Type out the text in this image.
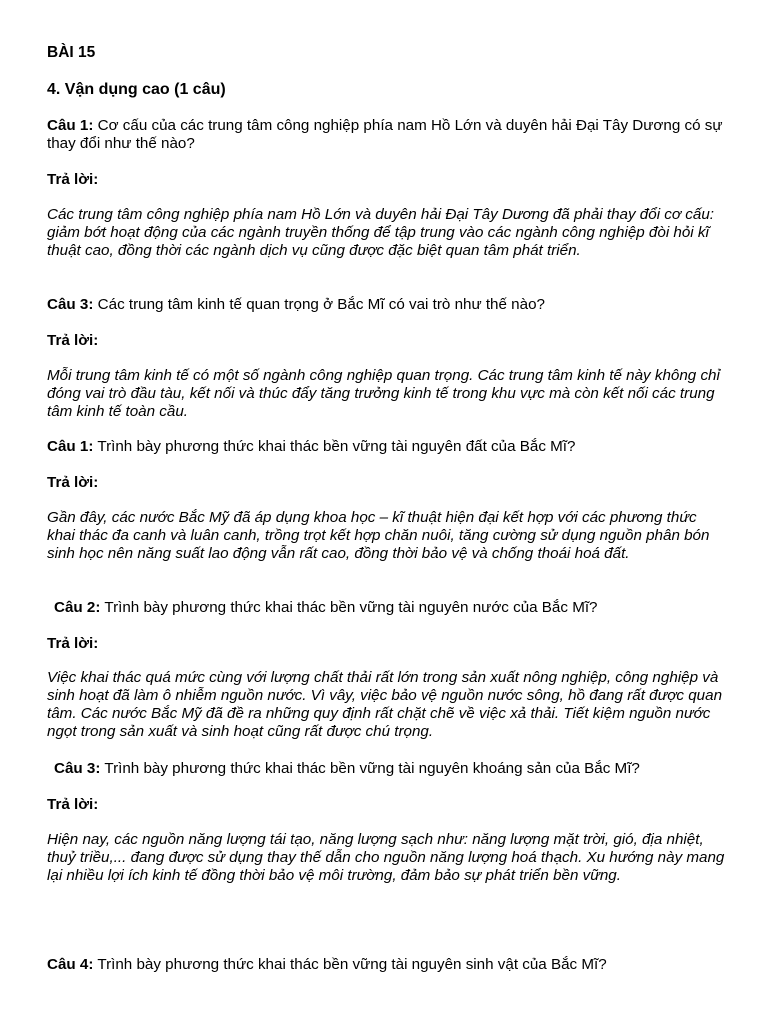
BÀI 15

4. Vận dụng cao (1 câu)

Câu 1: Cơ cấu của các trung tâm công nghiệp phía nam Hồ Lớn và duyên hải Đại Tây Dương có sự thay đổi như thế nào?

Trả lời:

Các trung tâm công nghiệp phía nam Hồ Lớn và duyên hải Đại Tây Dương đã phải thay đổi cơ cấu: giảm bớt hoạt động của các ngành truyền thống để tập trung vào các ngành công nghiệp đòi hỏi kĩ thuật cao, đồng thời các ngành dịch vụ cũng được đặc biệt quan tâm phát triển.

Câu 3: Các trung tâm kinh tế quan trọng ở Bắc Mĩ có vai trò như thế nào?

Trả lời:

Mỗi trung tâm kinh tế có một số ngành công nghiệp quan trọng. Các trung tâm kinh tế này không chỉ đóng vai trò đầu tàu, kết nối và thúc đẩy tăng trưởng kinh tế trong khu vực mà còn kết nối các trung tâm kinh tế toàn cầu.

Câu 1: Trình bày phương thức khai thác bền vững tài nguyên đất của Bắc Mĩ?

Trả lời:

Gần đây, các nước Bắc Mỹ đã áp dụng khoa học – kĩ thuật hiện đại kết hợp với các phương thức khai thác đa canh và luân canh, trồng trọt kết hợp chăn nuôi, tăng cường sử dụng nguồn phân bón sinh học nên năng suất lao động vẫn rất cao, đồng thời bảo vệ và chống thoái hoá đất.

Câu 2: Trình bày phương thức khai thác bền vững tài nguyên nước của Bắc Mĩ?

Trả lời:

Việc khai thác quá mức cùng với lượng chất thải rất lớn trong sản xuất nông nghiệp, công nghiệp và sinh hoạt đã làm ô nhiễm nguồn nước. Vì vây, việc bảo vệ nguồn nước sông, hồ đang rất được quan tâm. Các nước Bắc Mỹ đã đề ra những quy định rất chặt chẽ về việc xả thải. Tiết kiệm nguồn nước ngọt trong sản xuất và sinh hoạt cũng rất được chú trọng.

Câu 3: Trình bày phương thức khai thác bền vững tài nguyên khoáng sản của Bắc Mĩ?

Trả lời:

Hiện nay, các nguồn năng lượng tái tạo, năng lượng sạch như: năng lượng mặt trời, gió, địa nhiệt, thuỷ triều,... đang được sử dụng thay thế dẫn cho nguồn năng lượng hoá thạch. Xu hướng này mang lại nhiều lợi ích kinh tế đồng thời bảo vệ môi trường, đảm bảo sự phát triển bền vững.

Câu 4: Trình bày phương thức khai thác bền vững tài nguyên sinh vật của Bắc Mĩ?
